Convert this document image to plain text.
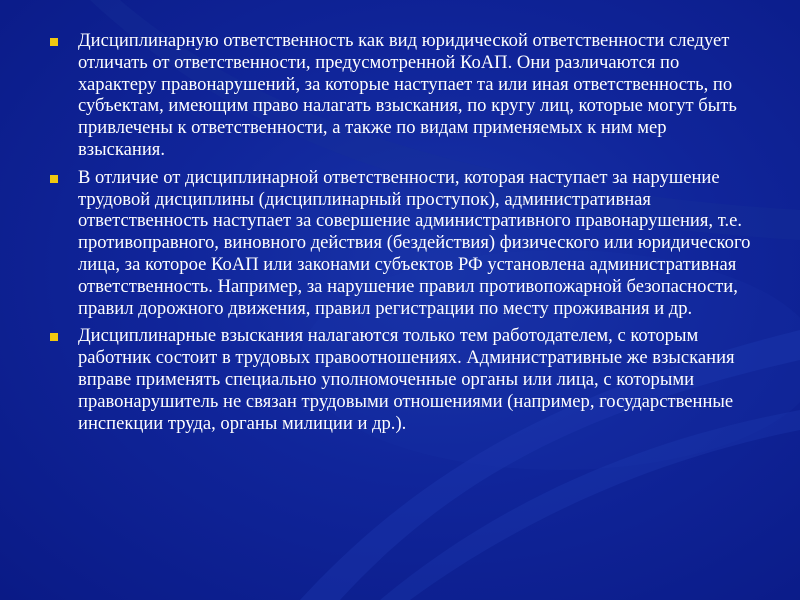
Дисциплинарную ответственность как вид юридической ответственности следует отличать от ответственности, предусмотренной КоАП. Они различаются по характеру правонарушений, за которые наступает та или иная ответственность, по субъектам, имеющим право налагать взыскания, по кругу лиц, которые могут быть привлечены к ответственности, а также по видам применяемых к ним мер взыскания.
В отличие от дисциплинарной ответственности, которая наступает за нарушение трудовой дисциплины (дисциплинарный проступок), административная ответственность наступает за совершение административного правонарушения, т.е. противоправного, виновного действия (бездействия) физического или юридического лица, за которое КоАП или законами субъектов РФ установлена административная ответственность. Например, за нарушение правил противопожарной безопасности, правил дорожного движения, правил регистрации по месту проживания и др.
Дисциплинарные взыскания налагаются только тем работодателем, с которым работник состоит в трудовых правоотношениях. Административные же взыскания вправе применять специально уполномоченные органы или лица, с которыми правонарушитель не связан трудовыми отношениями (например, государственные инспекции труда, органы милиции и др.).
